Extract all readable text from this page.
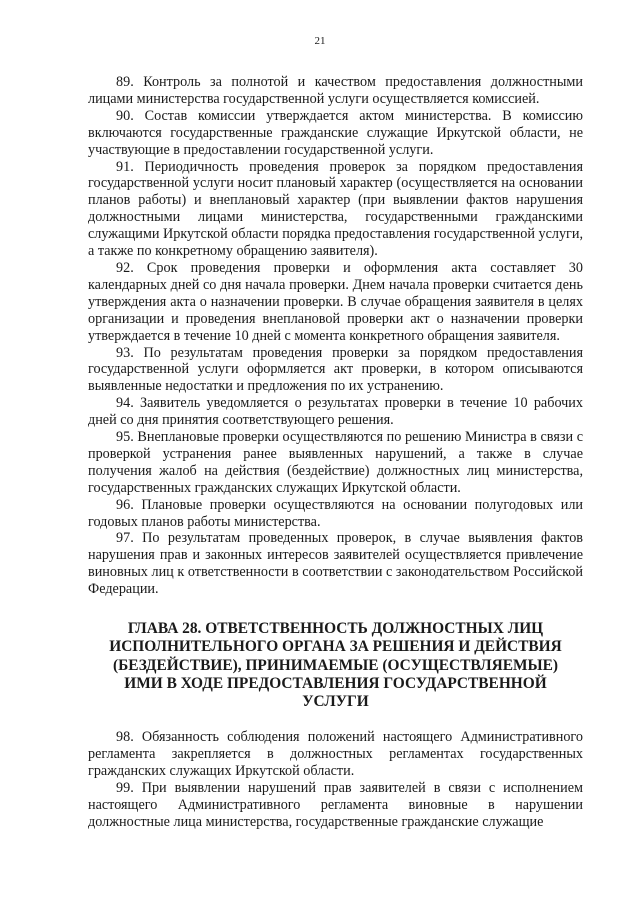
21

89. Контроль за полнотой и качеством предоставления должностными лицами министерства государственной услуги осуществляется комиссией.

90. Состав комиссии утверждается актом министерства. В комиссию включаются государственные гражданские служащие Иркутской области, не участвующие в предоставлении государственной услуги.

91. Периодичность проведения проверок за порядком предоставления государственной услуги носит плановый характер (осуществляется на основании планов работы) и внеплановый характер (при выявлении фактов нарушения должностными лицами министерства, государственными гражданскими служащими Иркутской области порядка предоставления государственной услуги, а также по конкретному обращению заявителя).

92. Срок проведения проверки и оформления акта составляет 30 календарных дней со дня начала проверки. Днем начала проверки считается день утверждения акта о назначении проверки. В случае обращения заявителя в целях организации и проведения внеплановой проверки акт о назначении проверки утверждается в течение 10 дней с момента конкретного обращения заявителя.

93. По результатам проведения проверки за порядком предоставления государственной услуги оформляется акт проверки, в котором описываются выявленные недостатки и предложения по их устранению.

94. Заявитель уведомляется о результатах проверки в течение 10 рабочих дней со дня принятия соответствующего решения.

95. Внеплановые проверки осуществляются по решению Министра в связи с проверкой устранения ранее выявленных нарушений, а также в случае получения жалоб на действия (бездействие) должностных лиц министерства, государственных гражданских служащих Иркутской области.

96. Плановые проверки осуществляются на основании полугодовых или годовых планов работы министерства.

97. По результатам проведенных проверок, в случае выявления фактов нарушения прав и законных интересов заявителей осуществляется привлечение виновных лиц к ответственности в соответствии с законодательством Российской Федерации.

ГЛАВА 28. ОТВЕТСТВЕННОСТЬ ДОЛЖНОСТНЫХ ЛИЦ ИСПОЛНИТЕЛЬНОГО ОРГАНА ЗА РЕШЕНИЯ И ДЕЙСТВИЯ (БЕЗДЕЙСТВИЕ), ПРИНИМАЕМЫЕ (ОСУЩЕСТВЛЯЕМЫЕ) ИМИ В ХОДЕ ПРЕДОСТАВЛЕНИЯ ГОСУДАРСТВЕННОЙ УСЛУГИ

98. Обязанность соблюдения положений настоящего Административного регламента закрепляется в должностных регламентах государственных гражданских служащих Иркутской области.

99. При выявлении нарушений прав заявителей в связи с исполнением настоящего Административного регламента виновные в нарушении должностные лица министерства, государственные гражданские служащие
